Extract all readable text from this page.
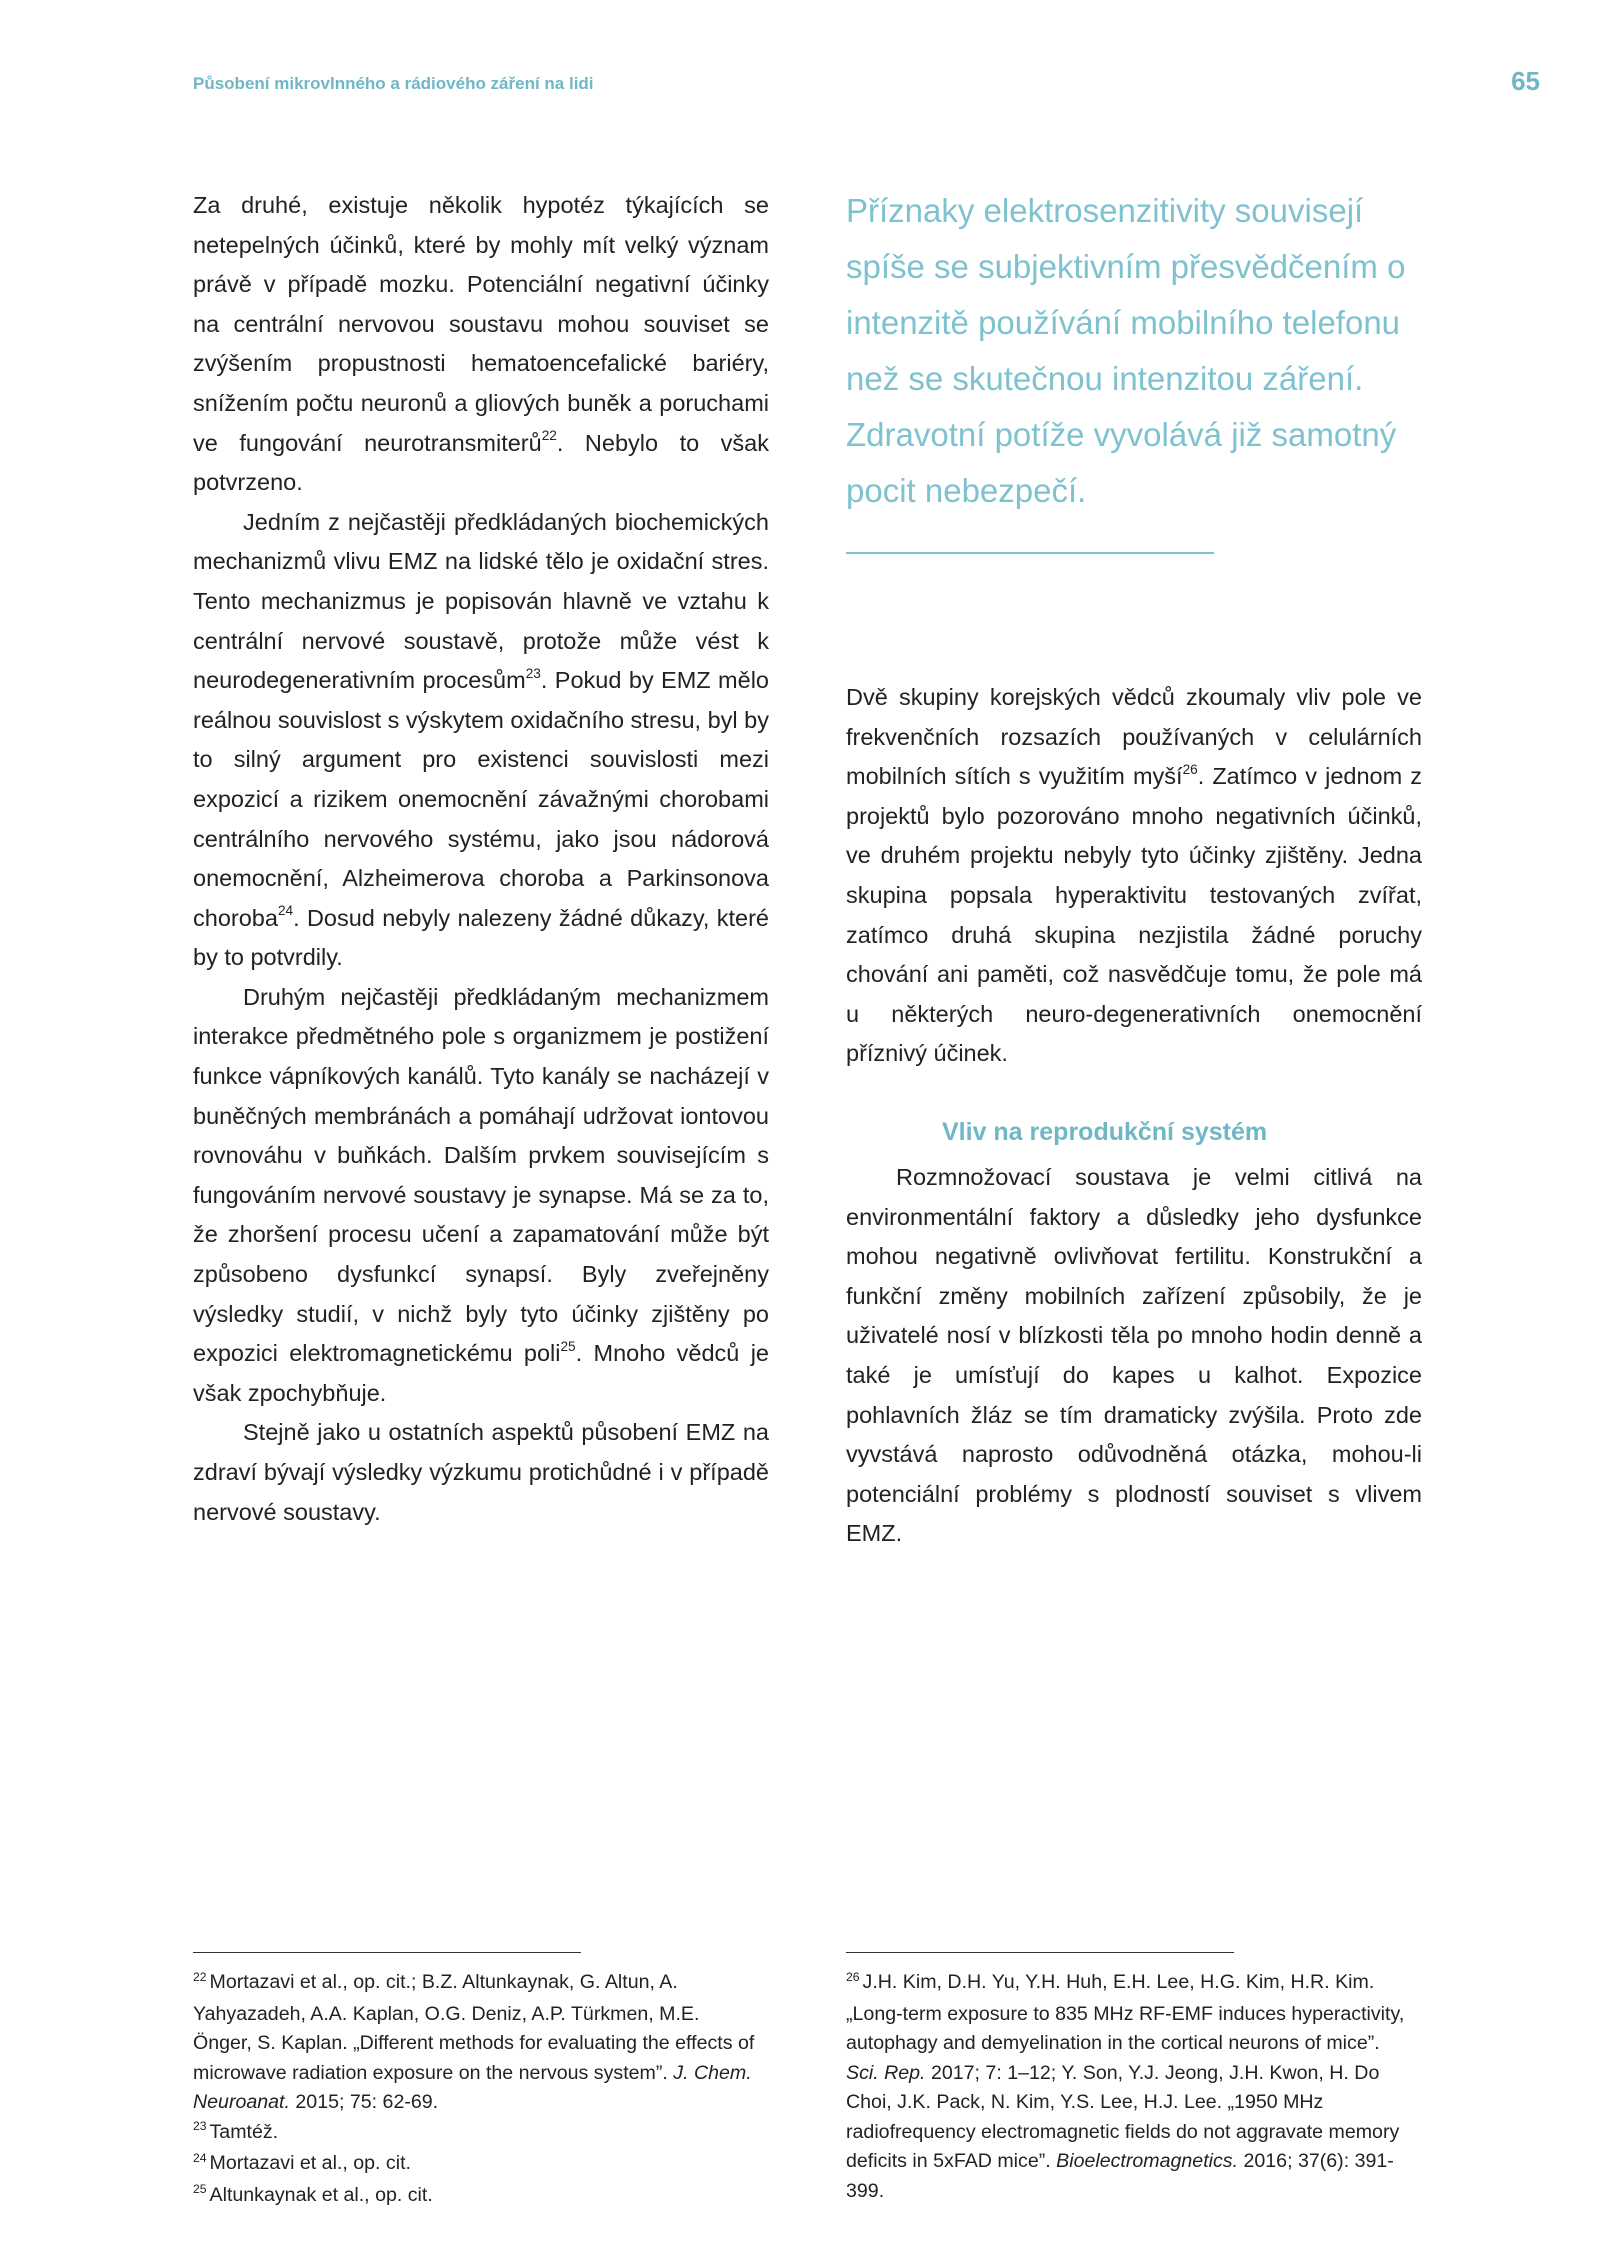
Působení mikrovlnného a rádiového záření na lidi	65

Za druhé, existuje několik hypotéz týkajících se netepelných účinků, které by mohly mít velký význam právě v případě mozku. Potenciální negativní účinky na centrální nervovou soustavu mohou souviset se zvýšením propustnosti hematoencefalické bariéry, snížením počtu neuronů a gliových buněk a poruchami ve fungování neurotransmiterů$^{22}$. Nebylo to však potvrzeno.

Jedním z nejčastěji předkládaných biochemických mechanizmů vlivu EMZ na lidské tělo je oxidační stres. Tento mechanizmus je popisován hlavně ve vztahu k centrální nervové soustavě, protože může vést k neurodegenerativním procesům$^{23}$. Pokud by EMZ mělo reálnou souvislost s výskytem oxidačního stresu, byl by to silný argument pro existenci souvislosti mezi expozicí a rizikem onemocnění závažnými chorobami centrálního nervového systému, jako jsou nádorová onemocnění, Alzheimerova choroba a Parkinsonova choroba$^{24}$. Dosud nebyly nalezeny žádné důkazy, které by to potvrdily.

Druhým nejčastěji předkládaným mechanizmem interakce předmětného pole s organizmem je postižení funkce vápníkových kanálů. Tyto kanály se nacházejí v buněčných membránách a pomáhají udržovat iontovou rovnováhu v buňkách. Dalším prvkem souvisejícím s fungováním nervové soustavy je synapse. Má se za to, že zhoršení procesu učení a zapamatování může být způsobeno dysfunkcí synapsí. Byly zveřejněny výsledky studií, v nichž byly tyto účinky zjištěny po expozici elektromagnetickému poli$^{25}$. Mnoho vědců je však zpochybňuje.

Stejně jako u ostatních aspektů působení EMZ na zdraví bývají výsledky výzkumu protichůdné i v případě nervové soustavy.

Příznaky elektrosenzitivity souvisejí spíše se subjektivním přesvědčením o intenzitě používání mobilního telefonu než se skutečnou intenzitou záření. Zdravotní potíže vyvolává již samotný pocit nebezpečí.

Dvě skupiny korejských vědců zkoumaly vliv pole ve frekvenčních rozsazích používaných v celulárních mobilních sítích s využitím myší$^{26}$. Zatímco v jednom z projektů bylo pozorováno mnoho negativních účinků, ve druhém projektu nebyly tyto účinky zjištěny. Jedna skupina popsala hyperaktivitu testovaných zvířat, zatímco druhá skupina nezjistila žádné poruchy chování ani paměti, což nasvědčuje tomu, že pole má u některých neuro-degenerativních onemocnění příznivý účinek.

Vliv na reprodukční systém

Rozmnožovací soustava je velmi citlivá na environmentální faktory a důsledky jeho dysfunkce mohou negativně ovlivňovat fertilitu. Konstrukční a funkční změny mobilních zařízení způsobily, že je uživatelé nosí v blízkosti těla po mnoho hodin denně a také je umísťují do kapes u kalhot. Expozice pohlavních žláz se tím dramaticky zvýšila. Proto zde vyvstává naprosto odůvodněná otázka, mohou-li potenciální problémy s plodností souviset s vlivem EMZ.

$^{22}$ Mortazavi et al., op. cit.; B.Z. Altunkaynak, G. Altun, A. Yahyazadeh, A.A. Kaplan, O.G. Deniz, A.P. Türkmen, M.E. Önger, S. Kaplan. „Different methods for evaluating the effects of microwave radiation exposure on the nervous system”. J. Chem. Neuroanat. 2015; 75: 62-69.

$^{23}$ Tamtéž.

$^{24}$ Mortazavi et al., op. cit.

$^{25}$ Altunkaynak et al., op. cit.

$^{26}$ J.H. Kim, D.H. Yu, Y.H. Huh, E.H. Lee, H.G. Kim, H.R. Kim. „Long-term exposure to 835 MHz RF-EMF induces hyperactivity, autophagy and demyelination in the cortical neurons of mice”. Sci. Rep. 2017; 7: 1–12; Y. Son, Y.J. Jeong, J.H. Kwon, H. Do Choi, J.K. Pack, N. Kim, Y.S. Lee, H.J. Lee. „1950 MHz radiofrequency electromagnetic fields do not aggravate memory deficits in 5xFAD mice”. Bioelectromagnetics. 2016; 37(6): 391-399.
